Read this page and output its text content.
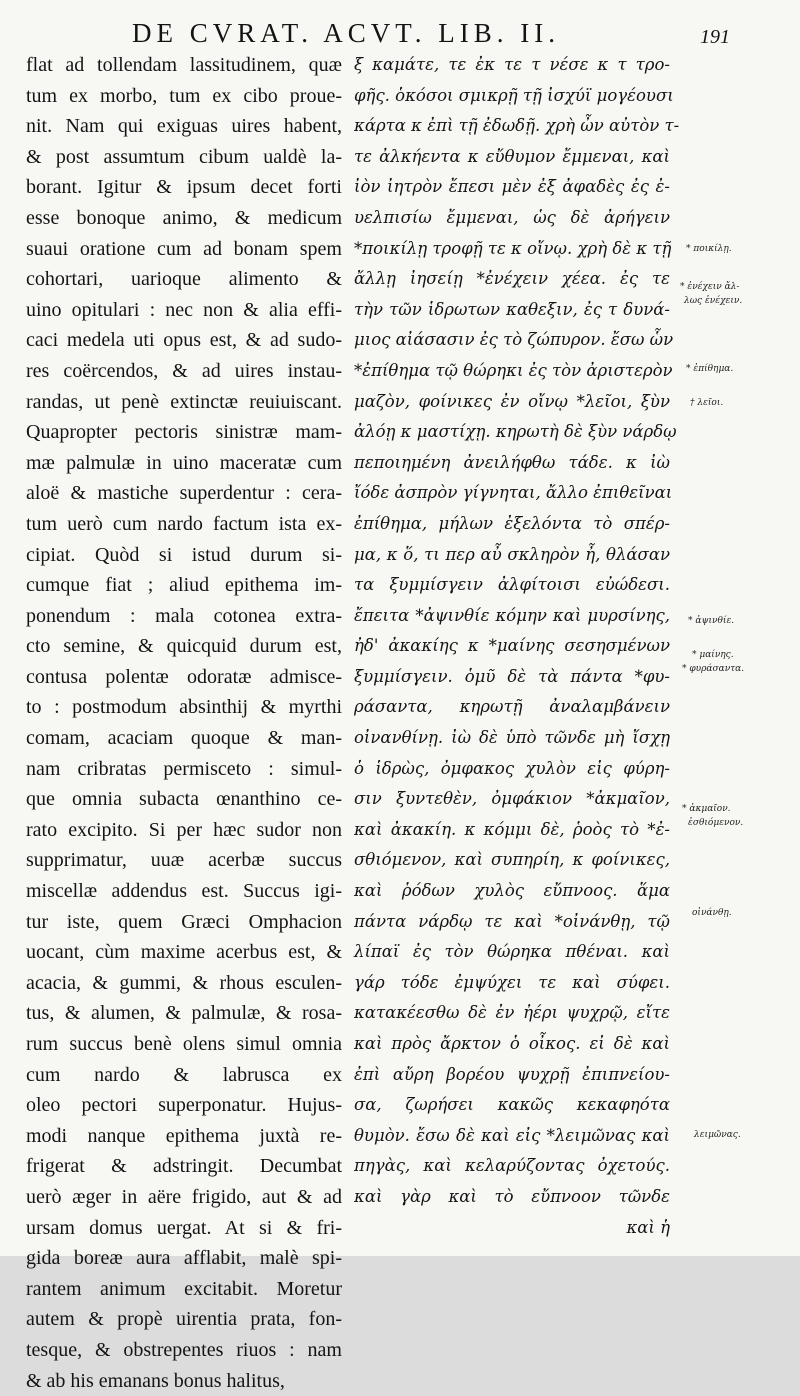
DE CVRAT. ACVT. LIB. II.	191
flat ad tollendam lassitudinem, quæ
tum ex morbo, tum ex cibo proue-
nit. Nam qui exiguas uires habent,
& post assumtum cibum ualdè la-
borant. Igitur & ipsum decet forti
esse bonoque animo, & medicum
suaui oratione cum ad bonam spem
cohortari, uarioque alimento &
uino opitulari : nec non & alia effi-
caci medela uti opus est, & ad sudo-
res coërcendos, & ad uires instau-
randas, ut penè extinctæ reuiuiscant.
Quapropter pectoris sinistræ mam-
mæ palmulæ in uino maceratæ cum
aloë & mastiche superdentur : cera-
tum uerò cum nardo factum ista ex-
cipiat. Quòd si istud durum si-
cumque fiat ; aliud epithema im-
ponendum : mala cotonea extra-
cto semine, & quicquid durum est,
contusa polentæ odoratæ admisce-
to : postmodum absinthij & myrthi
comam, acaciam quoque & man-
nam cribratas permisceto : simul-
que omnia subacta œnanthino ce-
rato excipito. Si per hæc sudor non
supprimatur, uuæ acerbæ succus
miscellæ addendus est. Succus igi-
tur iste, quem Græci Omphacion
uocant, cùm maxime acerbus est, &
acacia, & gummi, & rhous esculen-
tus, & alumen, & palmulæ, & rosa-
rum succus benè olens simul omnia
cum nardo & labrusca ex
oleo pectori superponatur. Hujus-
modi nanque epithema juxtà re-
frigerat & adstringit. Decumbat
uerò æger in aëre frigido, aut & ad
ursam domus uergat. At si & fri-
gida boreæ aura afflabit, malè spi-
rantem animum excitabit. Moretur
autem & propè uirentia prata, fon-
tesque, & obstrepentes riuos : nam
& ab his emanans bonus halitus,
ξ καμάτε, τε ἐκ τε τ νέσε κ τ τρο-
φῆς. ὁκόσοι σμικρῇ τῇ ἰσχύϊ μογέουσι
κάρτα κ ἐπὶ τῇ ἐδωδῇ. χρὴ ὦν αὐτὸν τ-
τε ἀλκήεντα κ εὔθυμον ἔμμεναι, καὶ
ἰὸν ἰητρὸν ἔπεσι μὲν ἐξ ἀφαδὲς ἐς ἐ-
υελπισίω ἔμμεναι, ὡς δὲ ἀρήγειν
*ποικίλῃ τροφῇ τε κ οἴνῳ. χρὴ δὲ κ τῇ
ἄλλῃ ἰησείῃ *ἐνέχειν χέεα. ἐς τε
τὴν τῶν ἱδρωτων καθεξιν, ἐς τ δυνά-
μιος αἰάσασιν ἐς τὸ ζώπυρον. ἔσω ὧν
*ἐπίθημα τῷ θώρηκι ἐς τὸν ἀριστερὸν
μαζὸν, φοίνικες ἐν οἴνῳ *λεῖοι, ξὺν
ἀλόῃ κ μαστίχῃ. κηρωτὴ δὲ ξὺν νάρδῳ
πεποιημένη ἀνειλήφθω τάδε. κ ἰὼ
ἴόδε ἀσπρὸν γίγνηται, ἄλλο ἐπιθεῖναι
ἐπίθημα, μήλων ἐξελόντα τὸ σπέρ-
μα, κ ὅ, τι περ αὖ σκληρὸν ἦ, θλάσαν
τα ξυμμίσγειν ἀλφίτοισι εὐώδεσι.
ἔπειτα *ἀψινθίε κόμην καὶ μυρσίνης,
ἠδ' ἀκακίης κ *μαίνης σεσησμένων
ξυμμίσγειν. ὁμῦ δὲ τὰ πάντα *φυ-
ράσαντα, κηρωτῇ ἀναλαμβάνειν
οἰνανθίνῃ. ἰὼ δὲ ὑπὸ τῶνδε μὴ ἴσχῃ
ὁ ἱδρὼς, ὀμφακος χυλὸν εἰς φύρη-
σιν ξυντεθὲν, ὀμφάκιον *ἀκμαῖον,
καὶ ἀκακίη. κ κόμμι δὲ, ῥοὸς τὸ *ἐ-
σθιόμενον, καὶ συπηρίη, κ φοίνικες,
καὶ ῥόδων χυλὸς εὔπνοος. ἅμα
πάντα νάρδῳ τε καὶ *οἰνάνθῃ, τῷ
λίπαϊ ἐς τὸν θώρηκα πθέναι. καὶ
γάρ τόδε ἐμψύχει τε καὶ σύφει.
κατακέεσθω δὲ ἐν ἠέρι ψυχρῷ, εἴτε
καὶ πρὸς ἄρκτον ὁ οἶκος. εἰ δὲ καὶ
ἐπὶ αὔρη βορέου ψυχρῇ ἐπιπνείου-
σα, ζωρήσει κακῶς κεκαφηότα
θυμὸν. ἔσω δὲ καὶ εἰς *λειμῶνας καὶ
πηγὰς, καὶ κελαρύζοντας ὀχετούς.
καὶ γὰρ καὶ τὸ εὔπνοον τῶνδε
καὶ ἡ
* ποικίλῃ.
* ἐνέχειν ἄλ-
λως ἐνέχειν.
* ἐπίθημα.
† λεῖοι.
* ἀψινθίε.
* μαίνης.
* φυράσαντα.
* ἀκμαῖον.
ἐσθιόμενον.
οἰνάνθῃ.
λειμῶνας.
